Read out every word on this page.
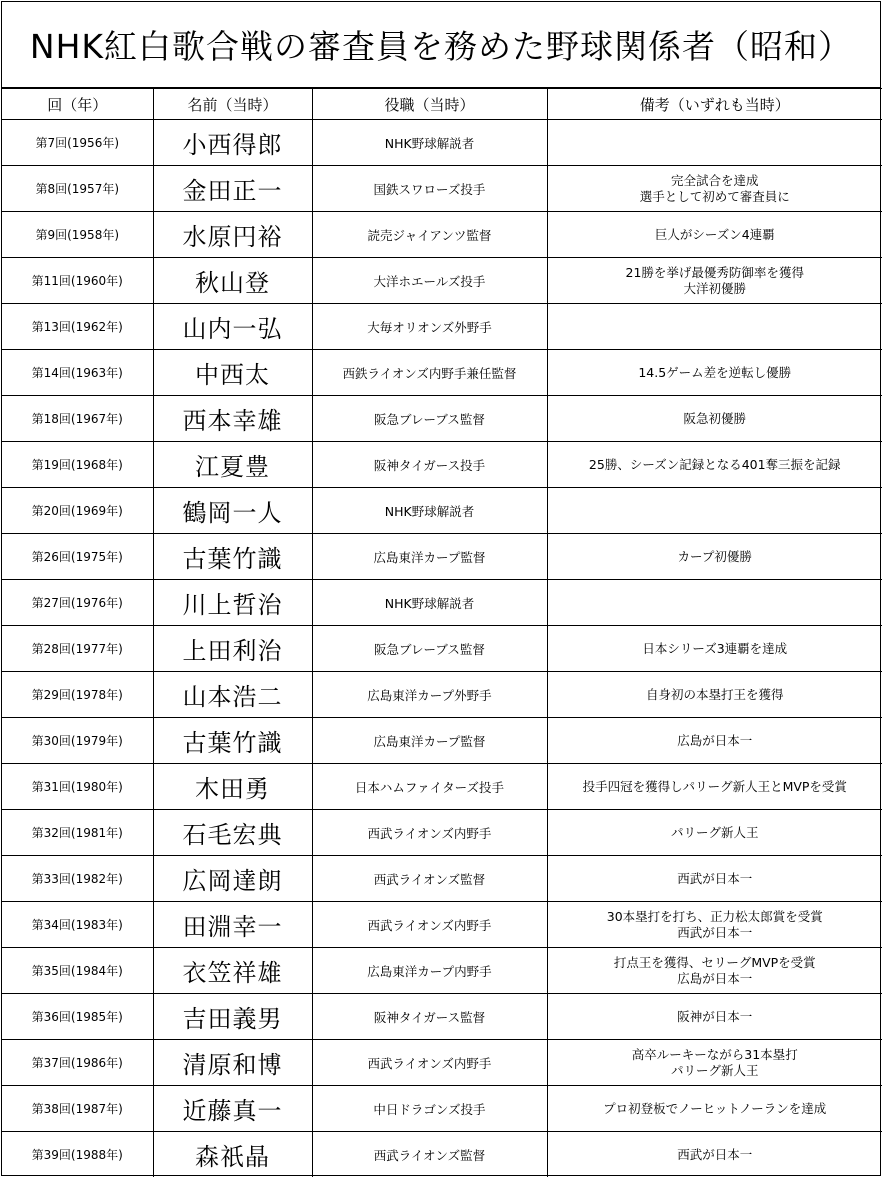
NHK紅白歌合戦の審査員を務めた野球関係者（昭和）
回（年）	名前（当時）	役職（当時）	備考（いずれも当時）
第7回(1956年)	小西得郎	NHK野球解説者	
第8回(1957年)	金田正一	国鉄スワローズ投手	完全試合を達成
選手として初めて審査員に
第9回(1958年)	水原円裕	読売ジャイアンツ監督	巨人がシーズン4連覇
第11回(1960年)	秋山登	大洋ホエールズ投手	21勝を挙げ最優秀防御率を獲得
大洋初優勝
第13回(1962年)	山内一弘	大毎オリオンズ外野手	
第14回(1963年)	中西太	西鉄ライオンズ内野手兼任監督	14.5ゲーム差を逆転し優勝
第18回(1967年)	西本幸雄	阪急ブレーブス監督	阪急初優勝
第19回(1968年)	江夏豊	阪神タイガース投手	25勝、シーズン記録となる401奪三振を記録
第20回(1969年)	鶴岡一人	NHK野球解説者	
第26回(1975年)	古葉竹識	広島東洋カープ監督	カープ初優勝
第27回(1976年)	川上哲治	NHK野球解説者	
第28回(1977年)	上田利治	阪急ブレーブス監督	日本シリーズ3連覇を達成
第29回(1978年)	山本浩二	広島東洋カープ外野手	自身初の本塁打王を獲得
第30回(1979年)	古葉竹識	広島東洋カープ監督	広島が日本一
第31回(1980年)	木田勇	日本ハムファイターズ投手	投手四冠を獲得しパリーグ新人王とMVPを受賞
第32回(1981年)	石毛宏典	西武ライオンズ内野手	パリーグ新人王
第33回(1982年)	広岡達朗	西武ライオンズ監督	西武が日本一
第34回(1983年)	田淵幸一	西武ライオンズ内野手	30本塁打を打ち、正力松太郎賞を受賞
西武が日本一
第35回(1984年)	衣笠祥雄	広島東洋カープ内野手	打点王を獲得、セリーグMVPを受賞
広島が日本一
第36回(1985年)	吉田義男	阪神タイガース監督	阪神が日本一
第37回(1986年)	清原和博	西武ライオンズ内野手	高卒ルーキーながら31本塁打
パリーグ新人王
第38回(1987年)	近藤真一	中日ドラゴンズ投手	プロ初登板でノーヒットノーランを達成
第39回(1988年)	森祇晶	西武ライオンズ監督	西武が日本一
